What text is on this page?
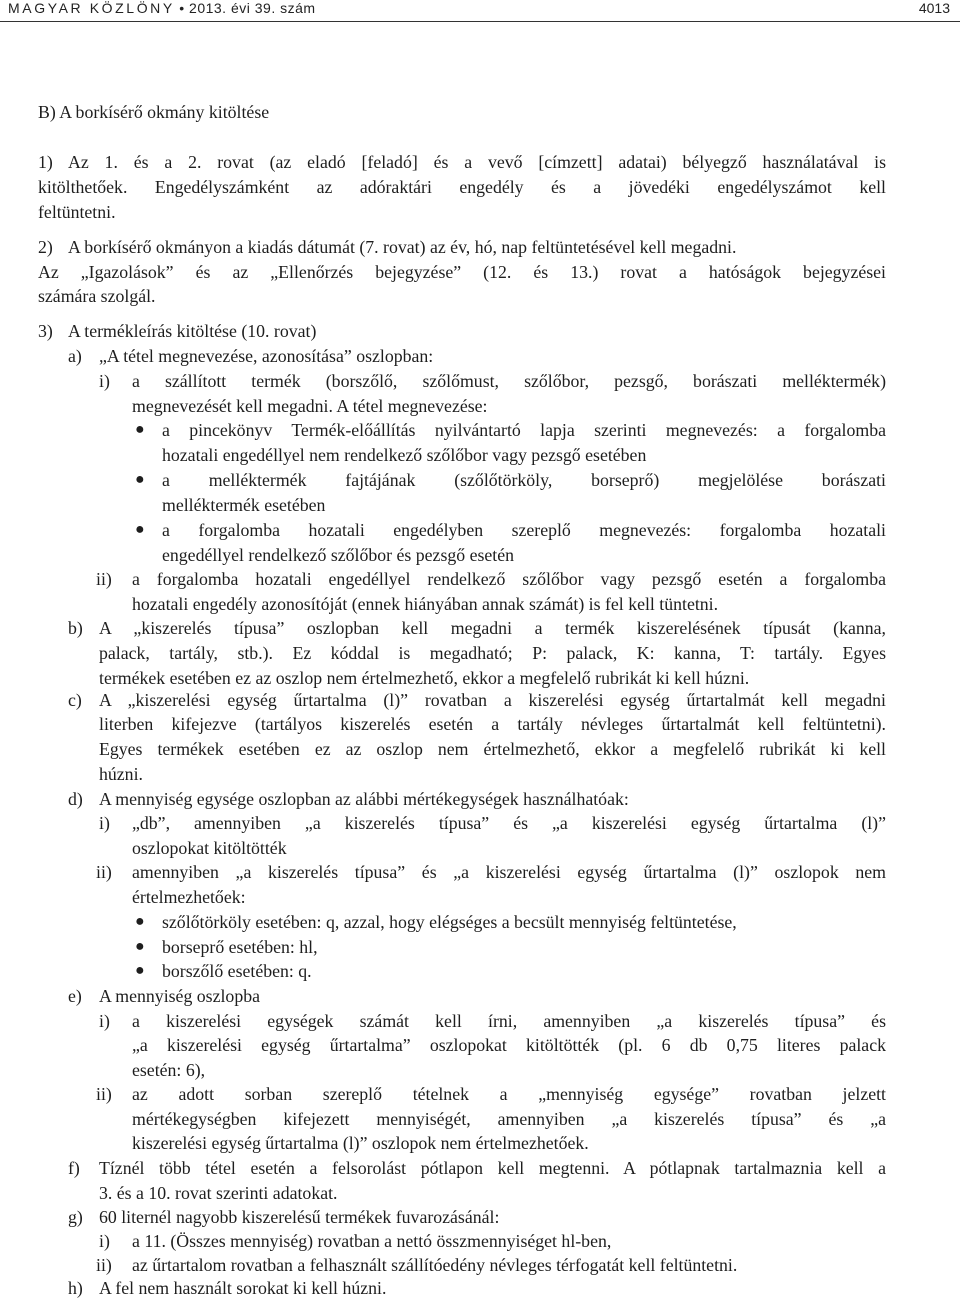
MAGYAR KÖZLÖNY • 2013. évi 39. szám	4013
B) A borkísérő okmány kitöltése
1) Az 1. és a 2. rovat (az eladó [feladó] és a vevő [címzett] adatai) bélyegző használatával is
kitölthetőek. Engedélyszámként az adóraktári engedély és a jövedéki engedélyszámot kell
feltüntetni.
2) A borkísérő okmányon a kiadás dátumát (7. rovat) az év, hó, nap feltüntetésével kell megadni.
Az „Igazolások” és az „Ellenőrzés bejegyzése” (12. és 13.) rovat a hatóságok bejegyzései
számára szolgál.
3) A termékleírás kitöltése (10. rovat)
a) „A tétel megnevezése, azonosítása” oszlopban:
i) a szállított termék (borszőlő, szőlőmust, szőlőbor, pezsgő, borászati melléktermék)
megnevezését kell megadni. A tétel megnevezése:
● a pincekönyv Termék-előállítás nyilvántartó lapja szerinti megnevezés: a forgalomba
hozatali engedéllyel nem rendelkező szőlőbor vagy pezsgő esetében
● a melléktermék fajtájának (szőlőtörköly, borseprő) megjelölése borászati
melléktermék esetében
● a forgalomba hozatali engedélyben szereplő megnevezés: forgalomba hozatali
engedéllyel rendelkező szőlőbor és pezsgő esetén
ii) a forgalomba hozatali engedéllyel rendelkező szőlőbor vagy pezsgő esetén a forgalomba
hozatali engedély azonosítóját (ennek hiányában annak számát) is fel kell tüntetni.
b) A „kiszerelés típusa” oszlopban kell megadni a termék kiszerelésének típusát (kanna,
palack, tartály, stb.). Ez kóddal is megadható; P: palack, K: kanna, T: tartály. Egyes
termékek esetében ez az oszlop nem értelmezhető, ekkor a megfelelő rubrikát ki kell húzni.
c) A „kiszerelési egység űrtartalma (l)” rovatban a kiszerelési egység űrtartalmát kell megadni
literben kifejezve (tartályos kiszerelés esetén a tartály névleges űrtartalmát kell feltüntetni).
Egyes termékek esetében ez az oszlop nem értelmezhető, ekkor a megfelelő rubrikát ki kell
húzni.
d) A mennyiség egysége oszlopban az alábbi mértékegységek használhatóak:
i) „db”, amennyiben „a kiszerelés típusa” és „a kiszerelési egység űrtartalma (l)”
oszlopokat kitöltötték
ii) amennyiben „a kiszerelés típusa” és „a kiszerelési egység űrtartalma (l)” oszlopok nem
értelmezhetőek:
● szőlőtörköly esetében: q, azzal, hogy elégséges a becsült mennyiség feltüntetése,
● borseprő esetében: hl,
● borszőlő esetében: q.
e) A mennyiség oszlopba
i) a kiszerelési egységek számát kell írni, amennyiben „a kiszerelés típusa” és
„a kiszerelési egység űrtartalma” oszlopokat kitöltötték (pl. 6 db 0,75 literes palack
esetén: 6),
ii) az adott sorban szereplő tételnek a „mennyiség egysége” rovatban jelzett
mértékegységben kifejezett mennyiségét, amennyiben „a kiszerelés típusa” és „a
kiszerelési egység űrtartalma (l)” oszlopok nem értelmezhetőek.
f) Tíznél több tétel esetén a felsorolást pótlapon kell megtenni. A pótlapnak tartalmaznia kell a
3. és a 10. rovat szerinti adatokat.
g) 60 liternél nagyobb kiszerelésű termékek fuvarozásánál:
i) a 11. (Összes mennyiség) rovatban a nettó összmennyiséget hl-ben,
ii) az űrtartalom rovatban a felhasznált szállítóedény névleges térfogatát kell feltüntetni.
h) A fel nem használt sorokat ki kell húzni.
